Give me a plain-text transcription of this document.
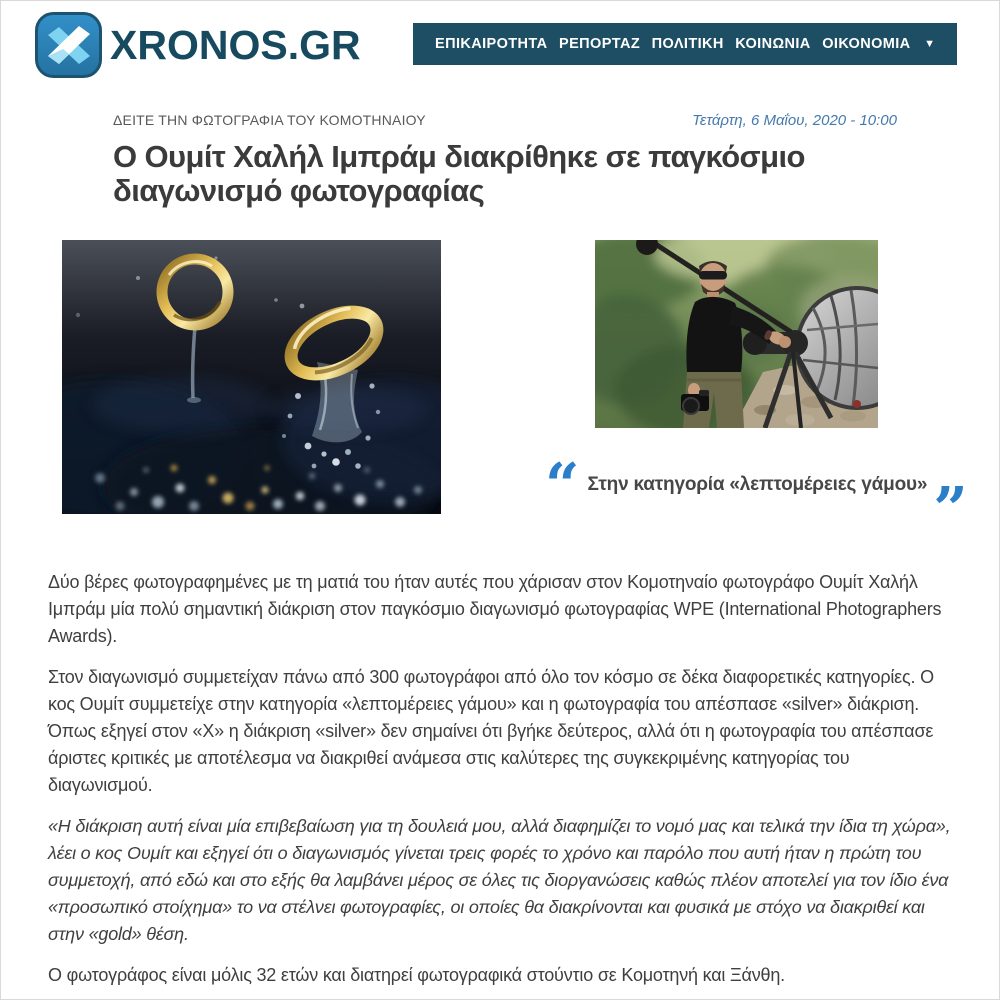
XRONOS.GR	ΕΠΙΚΑΙΡΟΤΗΤΑ ΡΕΠΟΡΤΑΖ ΠΟΛΙΤΙΚΗ ΚΟΙΝΩΝΙΑ ΟΙΚΟΝΟΜΙΑ ▼
ΔΕΙΤΕ ΤΗΝ ΦΩΤΟΓΡΑΦΙΑ ΤΟΥ ΚΟΜΟΤΗΝΑΙΟΥ	Τετάρτη, 6 Μαΐου, 2020 - 10:00
Ο Ουμίτ Χαλήλ Ιμπράμ διακρίθηκε σε παγκόσμιο διαγωνισμό φωτογραφίας
“ Στην κατηγορία «λεπτομέρειες γάμου» ”

Δύο βέρες φωτογραφημένες με τη ματιά του ήταν αυτές που χάρισαν στον Κομοτηναίο φωτογράφο Ουμίτ Χαλήλ Ιμπράμ μία πολύ σημαντική διάκριση στον παγκόσμιο διαγωνισμό φωτογραφίας WPE (International Photographers Awards).

Στον διαγωνισμό συμμετείχαν πάνω από 300 φωτογράφοι από όλο τον κόσμο σε δέκα διαφορετικές κατηγορίες. Ο κος Ουμίτ συμμετείχε στην κατηγορία «λεπτομέρειες γάμου» και η φωτογραφία του απέσπασε «silver» διάκριση. Όπως εξηγεί στον «Χ» η διάκριση «silver» δεν σημαίνει ότι βγήκε δεύτερος, αλλά ότι η φωτογραφία του απέσπασε άριστες κριτικές με αποτέλεσμα να διακριθεί ανάμεσα στις καλύτερες της συγκεκριμένης κατηγορίας του διαγωνισμού.

«Η διάκριση αυτή είναι μία επιβεβαίωση για τη δουλειά μου, αλλά διαφημίζει το νομό μας και τελικά την ίδια τη χώρα», λέει ο κος Ουμίτ και εξηγεί ότι ο διαγωνισμός γίνεται τρεις φορές το χρόνο και παρόλο που αυτή ήταν η πρώτη του συμμετοχή, από εδώ και στο εξής θα λαμβάνει μέρος σε όλες τις διοργανώσεις καθώς πλέον αποτελεί για τον ίδιο ένα «προσωπικό στοίχημα» το να στέλνει φωτογραφίες, οι οποίες θα διακρίνονται και φυσικά με στόχο να διακριθεί και στην «gold» θέση.

Ο φωτογράφος είναι μόλις 32 ετών και διατηρεί φωτογραφικά στούντιο σε Κομοτηνή και Ξάνθη.
